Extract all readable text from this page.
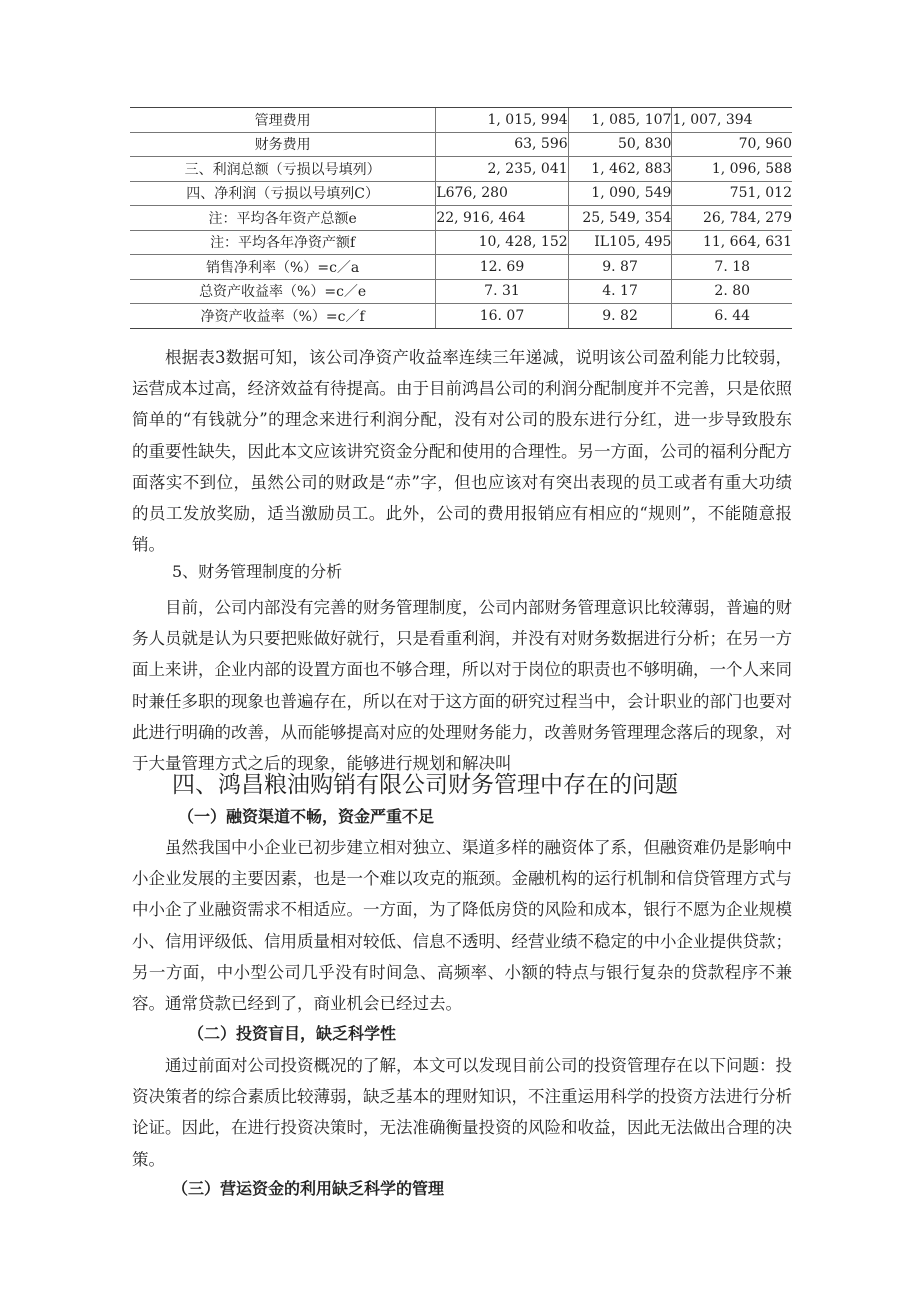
管理费用	1, 015, 994	1, 085, 107	1, 007, 394
财务费用	63, 596	50, 830	70, 960
三、利润总额（亏损以号填列）	2, 235, 041	1, 462, 883	1, 096, 588
四、净利润（亏损以号填列C）	L676, 280	1, 090, 549	751, 012
注：平均各年资产总额e	22, 916, 464	25, 549, 354	26, 784, 279
注：平均各年净资产额f	10, 428, 152	IL105, 495	11, 664, 631
销售净利率（%）=c／a	12. 69	9. 87	7. 18
总资产收益率（%）=c／e	7. 31	4. 17	2. 80
净资产收益率（%）=c／f	16. 07	9. 82	6. 44

根据表3数据可知，该公司净资产收益率连续三年递减，说明该公司盈利能力比较弱，运营成本过高，经济效益有待提高。由于目前鸿昌公司的利润分配制度并不完善，只是依照简单的“有钱就分”的理念来进行利润分配，没有对公司的股东进行分红，进一步导致股东的重要性缺失，因此本文应该讲究资金分配和使用的合理性。另一方面，公司的福利分配方面落实不到位，虽然公司的财政是“赤”字，但也应该对有突出表现的员工或者有重大功绩的员工发放奖励，适当激励员工。此外，公司的费用报销应有相应的“规则”，不能随意报销。

5、财务管理制度的分析

目前，公司内部没有完善的财务管理制度，公司内部财务管理意识比较薄弱，普遍的财务人员就是认为只要把账做好就行，只是看重利润，并没有对财务数据进行分析；在另一方面上来讲，企业内部的设置方面也不够合理，所以对于岗位的职责也不够明确，一个人来同时兼任多职的现象也普遍存在，所以在对于这方面的研究过程当中，会计职业的部门也要对此进行明确的改善，从而能够提高对应的处理财务能力，改善财务管理理念落后的现象，对于大量管理方式之后的现象，能够进行规划和解决叫

四、鸿昌粮油购销有限公司财务管理中存在的问题

（一）融资渠道不畅，资金严重不足

虽然我国中小企业已初步建立相对独立、渠道多样的融资体了系，但融资难仍是影响中小企业发展的主要因素，也是一个难以攻克的瓶颈。金融机构的运行机制和信贷管理方式与中小企了业融资需求不相适应。一方面，为了降低房贷的风险和成本，银行不愿为企业规模小、信用评级低、信用质量相对较低、信息不透明、经营业绩不稳定的中小企业提供贷款；另一方面，中小型公司几乎没有时间急、高频率、小额的特点与银行复杂的贷款程序不兼容。通常贷款已经到了，商业机会已经过去。

（二）投资盲目，缺乏科学性

通过前面对公司投资概况的了解，本文可以发现目前公司的投资管理存在以下问题：投资决策者的综合素质比较薄弱，缺乏基本的理财知识，不注重运用科学的投资方法进行分析论证。因此，在进行投资决策时，无法准确衡量投资的风险和收益，因此无法做出合理的决策。

（三）营运资金的利用缺乏科学的管理
